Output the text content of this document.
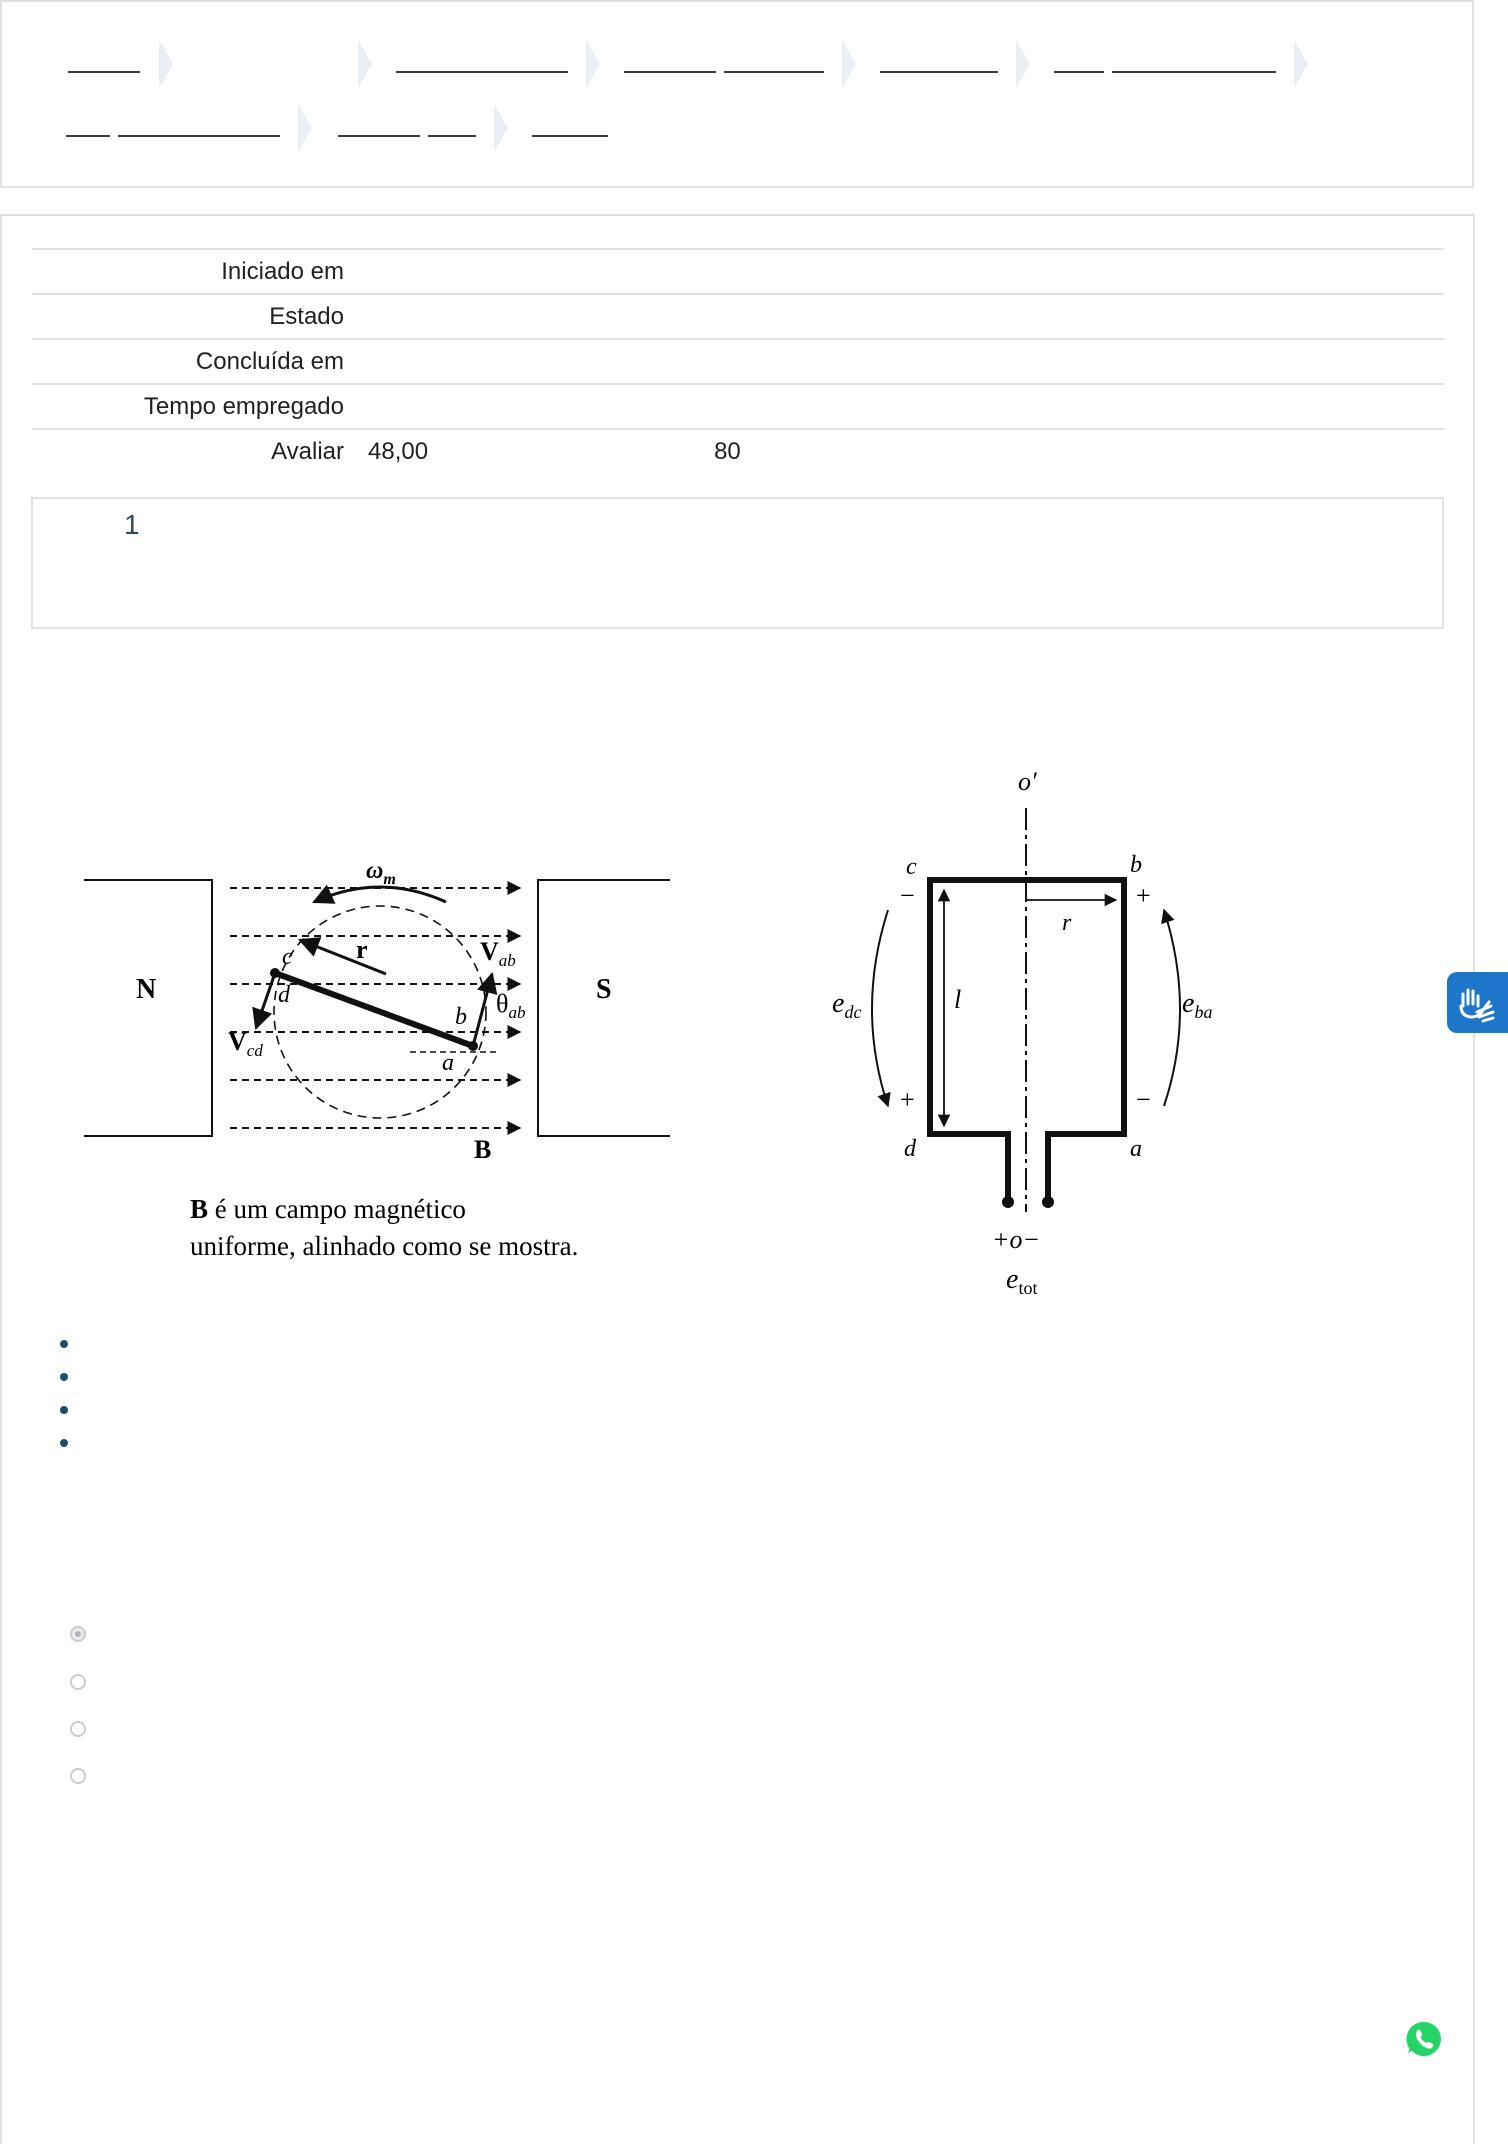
Iniciado em	
Estado	
Concluída em	
Tempo empregado	
Avaliar	48,00 80
1
N	S
$\omega_m$
r
$V_{cd}$
$V_{ab}$
$\theta_{ab}$
c
d
b
a
B
B é um campo magnético
uniforme, alinhado como se mostra.
o′
r
l
c	b
d	a
−
+
+
−
$e_{dc}$	$e_{ba}$
+o−
$e_{tot}$
